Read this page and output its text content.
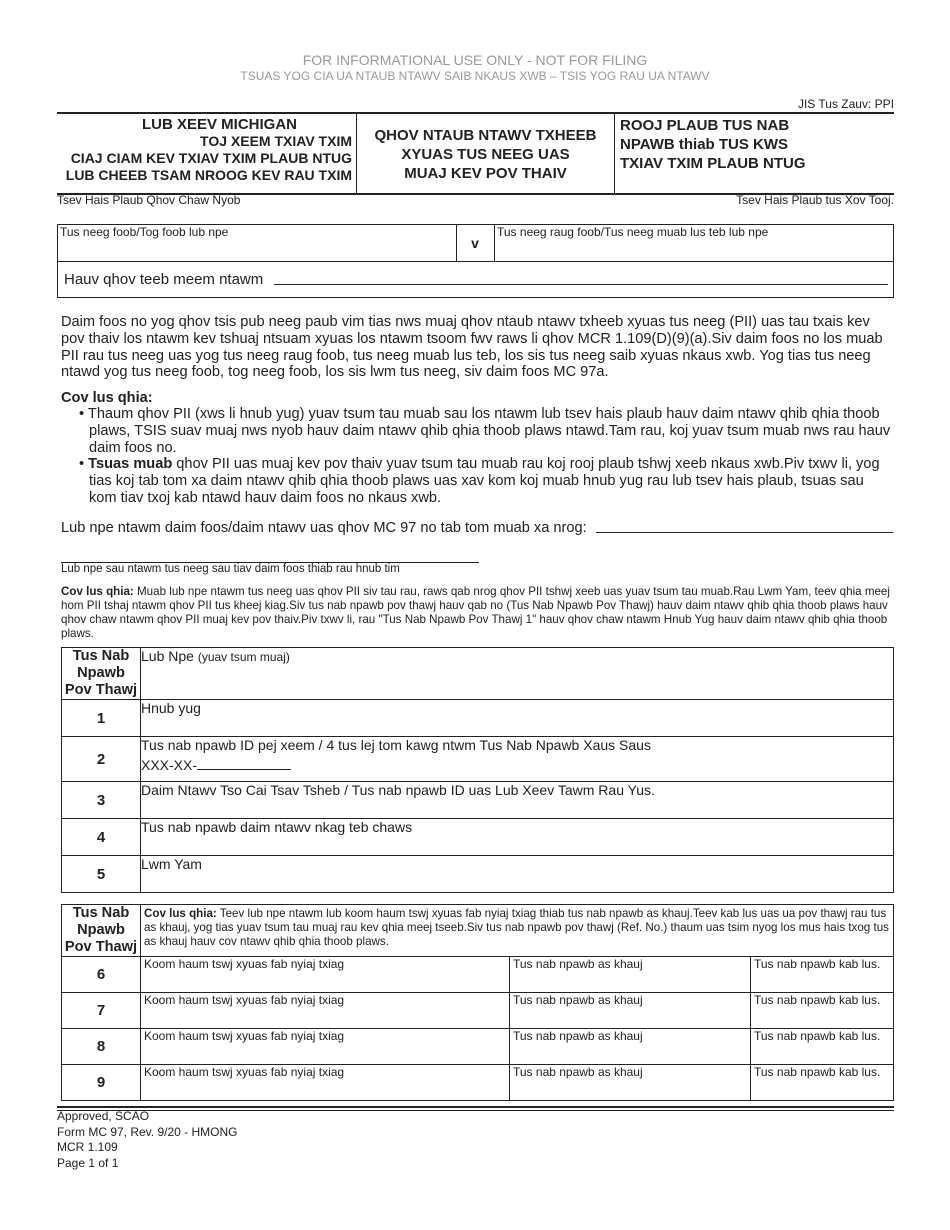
FOR INFORMATIONAL USE ONLY - NOT FOR FILING
TSUAS YOG CIA UA NTAUB NTAWV SAIB NKAUS XWB – TSIS YOG RAU UA NTAWV
JIS Tus Zauv: PPI
LUB XEEV MICHIGAN
TOJ XEEM TXIAV TXIM
CIAJ CIAM KEV TXIAV TXIM PLAUB NTUG
LUB CHEEB TSAM NROOG KEV RAU TXIM
QHOV NTAUB NTAWV TXHEEB
XYUAS TUS NEEG UAS
MUAJ KEV POV THAIV
ROOJ PLAUB TUS NAB
NPAWB thiab TUS KWS
TXIAV TXIM PLAUB NTUG
Tsev Hais Plaub Qhov Chaw Nyob	Tsev Hais Plaub tus Xov Tooj.
Tus neeg foob/Tog foob lub npe
v
Tus neeg raug foob/Tus neeg muab lus teb lub npe
Hauv qhov teeb meem ntawm
Daim foos no yog qhov tsis pub neeg paub vim tias nws muaj qhov ntaub ntawv txheeb xyuas tus neeg (PII) uas tau txais kev pov thaiv los ntawm kev tshuaj ntsuam xyuas los ntawm tsoom fwv raws li qhov MCR 1.109(D)(9)(a).Siv daim foos no los muab PII rau tus neeg uas yog tus neeg raug foob, tus neeg muab lus teb, los sis tus neeg saib xyuas nkaus xwb. Yog tias tus neeg ntawd yog tus neeg foob, tog neeg foob, los sis lwm tus neeg, siv daim foos MC 97a.
Cov lus qhia:
• Thaum qhov PII (xws li hnub yug) yuav tsum tau muab sau los ntawm lub tsev hais plaub hauv daim ntawv qhib qhia thoob plaws, TSIS suav muaj nws nyob hauv daim ntawv qhib qhia thoob plaws ntawd.Tam rau, koj yuav tsum muab nws rau hauv daim foos no.
• Tsuas muab qhov PII uas muaj kev pov thaiv yuav tsum tau muab rau koj rooj plaub tshwj xeeb nkaus xwb.Piv txwv li, yog tias koj tab tom xa daim ntawv qhib qhia thoob plaws uas xav kom koj muab hnub yug rau lub tsev hais plaub, tsuas sau kom tiav txoj kab ntawd hauv daim foos no nkaus xwb.
Lub npe ntawm daim foos/daim ntawv uas qhov MC 97 no tab tom muab xa nrog:
Lub npe sau ntawm tus neeg sau tiav daim foos thiab rau hnub tim
Cov lus qhia: Muab lub npe ntawm tus neeg uas qhov PII siv tau rau, raws qab nrog qhov PII tshwj xeeb uas yuav tsum tau muab.Rau Lwm Yam, teev qhia meej hom PII tshaj ntawm qhov PII tus kheej kiag.Siv tus nab npawb pov thawj hauv qab no (Tus Nab Npawb Pov Thawj) hauv daim ntawv qhib qhia thoob plaws hauv qhov chaw ntawm qhov PII muaj kev pov thaiv.Piv txwv li, rau "Tus Nab Npawb Pov Thawj 1" hauv qhov chaw ntawm Hnub Yug hauv daim ntawv qhib qhia thoob plaws.
Tus Nab Npawb Pov Thawj	Lub Npe (yuav tsum muaj)
1	Hnub yug
2	Tus nab npawb ID pej xeem / 4 tus lej tom kawg ntwm Tus Nab Npawb Xaus Saus
XXX-XX-

3	Daim Ntawv Tso Cai Tsav Tsheb / Tus nab npawb ID uas Lub Xeev Tawm Rau Yus.
4	Tus nab npawb daim ntawv nkag teb chaws
5	Lwm Yam
Tus Nab Npawb Pov Thawj	Cov lus qhia: Teev lub npe ntawm lub koom haum tswj xyuas fab nyiaj txiag thiab tus nab npawb as khauj.Teev kab lus uas ua pov thawj rau tus as khauj, yog tias yuav tsum tau muaj rau kev qhia meej tseeb.Siv tus nab npawb pov thawj (Ref. No.) thaum uas tsim nyog los mus hais txog tus as khauj hauv cov ntawv qhib qhia thoob plaws.		
6	Koom haum tswj xyuas fab nyiaj txiag	Tus nab npawb as khauj	Tus nab npawb kab lus.
7	Koom haum tswj xyuas fab nyiaj txiag	Tus nab npawb as khauj	Tus nab npawb kab lus.
8	Koom haum tswj xyuas fab nyiaj txiag	Tus nab npawb as khauj	Tus nab npawb kab lus.
9	Koom haum tswj xyuas fab nyiaj txiag	Tus nab npawb as khauj	Tus nab npawb kab lus.
Approved, SCAO
Form MC 97, Rev. 9/20 - HMONG
MCR 1.109
Page 1 of 1
